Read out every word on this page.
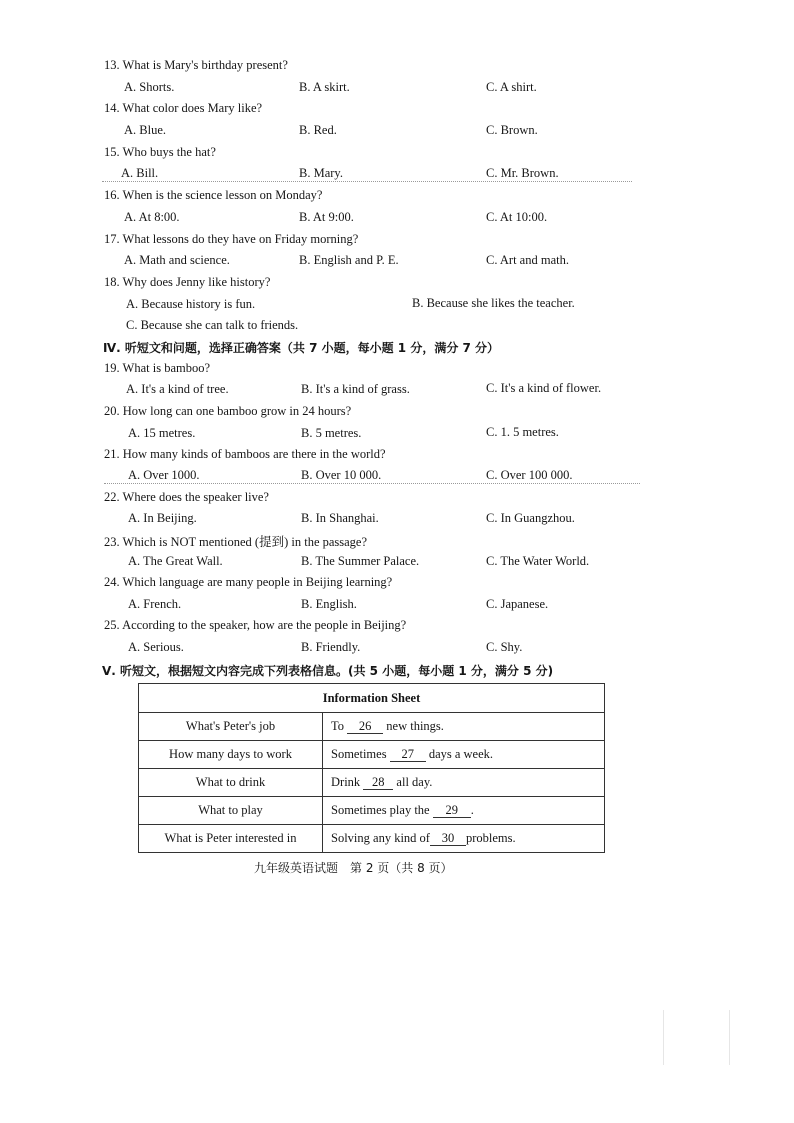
13. What is Mary's birthday present?
A. Shorts.	B. A skirt.	C. A shirt.
14. What color does Mary like?
A. Blue.	B. Red.	C. Brown.
15. Who buys the hat?
A. Bill.	B. Mary.	C. Mr. Brown.
16. When is the science lesson on Monday?
A. At 8:00.	B. At 9:00.	C. At 10:00.
17. What lessons do they have on Friday morning?
A. Math and science.	B. English and P. E.	C. Art and math.
18. Why does Jenny like history?
A. Because history is fun.	B. Because she likes the teacher.
C. Because she can talk to friends.
Ⅳ. 听短文和问题，选择正确答案（共 7 小题，每小题 1 分，满分 7 分）
19. What is bamboo?
A. It's a kind of tree.	B. It's a kind of grass.	C. It's a kind of flower.
20. How long can one bamboo grow in 24 hours?
A. 15 metres.	B. 5 metres.	C. 1. 5 metres.
21. How many kinds of bamboos are there in the world?
A. Over 1000.	B. Over 10 000.	C. Over 100 000.
22. Where does the speaker live?
A. In Beijing.	B. In Shanghai.	C. In Guangzhou.
23. Which is NOT mentioned (提到) in the passage?
A. The Great Wall.	B. The Summer Palace.	C. The Water World.
24. Which language are many people in Beijing learning?
A. French.	B. English.	C. Japanese.
25. According to the speaker, how are the people in Beijing?
A. Serious.	B. Friendly.	C. Shy.
Ⅴ. 听短文，根据短文内容完成下列表格信息。(共 5 小题，每小题 1 分，满分 5 分)
Information Sheet	
What's Peter's job	To 26 new things.
How many days to work	Sometimes 27 days a week.
What to drink	Drink 28 all day.
What to play	Sometimes play the 29 .
What is Peter interested in	Solving any kind of 30 problems.
九年级英语试题　第 2 页（共 8 页）
